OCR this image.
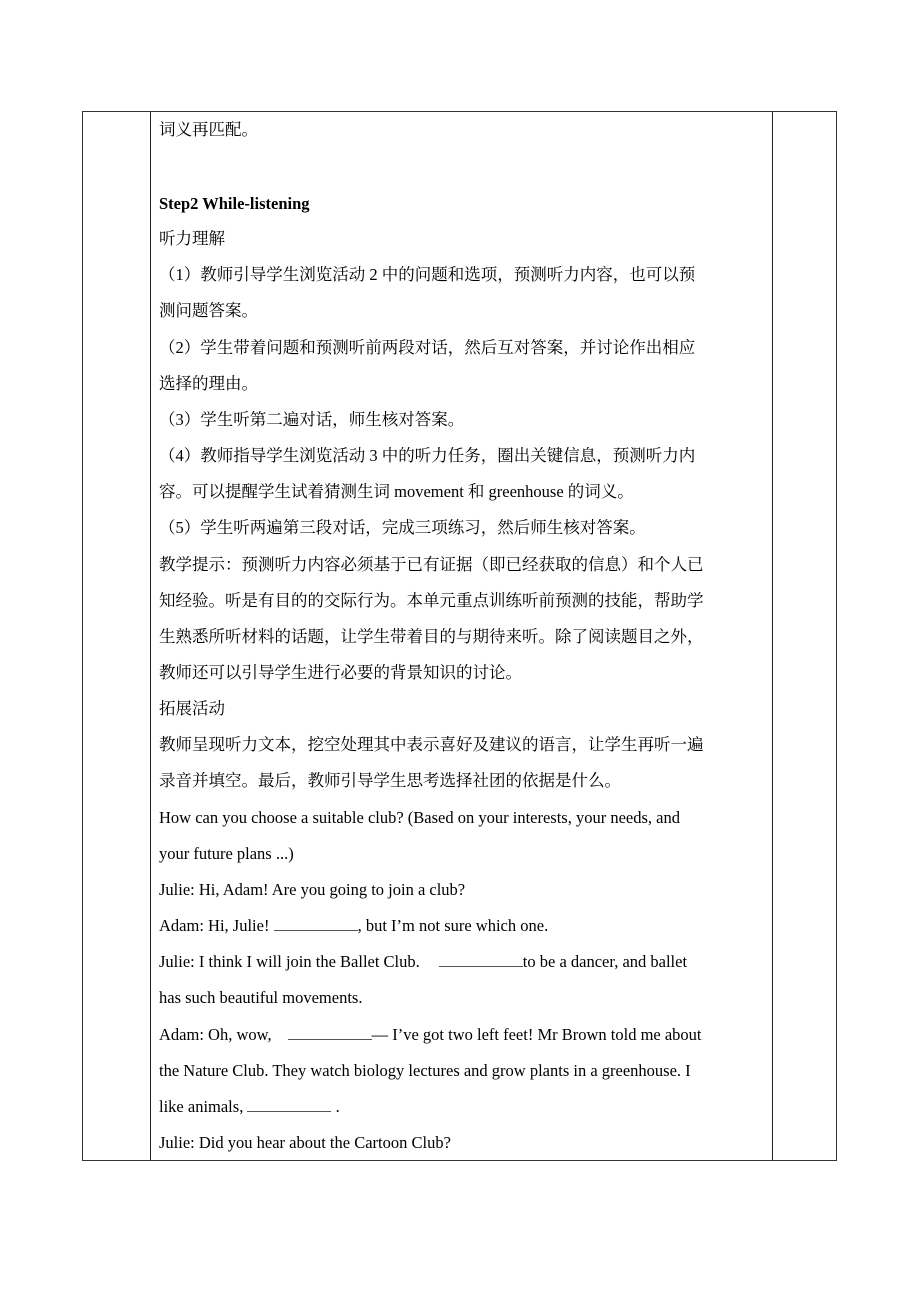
词义再匹配。
Step2 While-listening
听力理解
（1）教师引导学生浏览活动 2 中的问题和选项，预测听力内容，也可以预
测问题答案。
（2）学生带着问题和预测听前两段对话，然后互对答案，并讨论作出相应
选择的理由。
（3）学生听第二遍对话，师生核对答案。
（4）教师指导学生浏览活动 3 中的听力任务，圈出关键信息，预测听力内
容。可以提醒学生试着猜测生词 movement 和 greenhouse 的词义。
（5）学生听两遍第三段对话，完成三项练习，然后师生核对答案。
教学提示：预测听力内容必须基于已有证据（即已经获取的信息）和个人已
知经验。听是有目的的交际行为。本单元重点训练听前预测的技能，帮助学
生熟悉所听材料的话题，让学生带着目的与期待来听。除了阅读题目之外，
教师还可以引导学生进行必要的背景知识的讨论。
拓展活动
教师呈现听力文本，挖空处理其中表示喜好及建议的语言，让学生再听一遍
录音并填空。最后，教师引导学生思考选择社团的依据是什么。
How can you choose a suitable club? (Based on your interests, your needs, and
your future plans ...)
Julie: Hi, Adam! Are you going to join a club?
Adam: Hi, Julie!	, but I’m not sure which one.
Julie: I think I will join the Ballet Club.	to be a dancer, and ballet
has such beautiful movements.
Adam: Oh, wow,	— I’ve got two left feet! Mr Brown told me about
the Nature Club. They watch biology lectures and grow plants in a greenhouse. I
like animals,	.
Julie: Did you hear about the Cartoon Club?
